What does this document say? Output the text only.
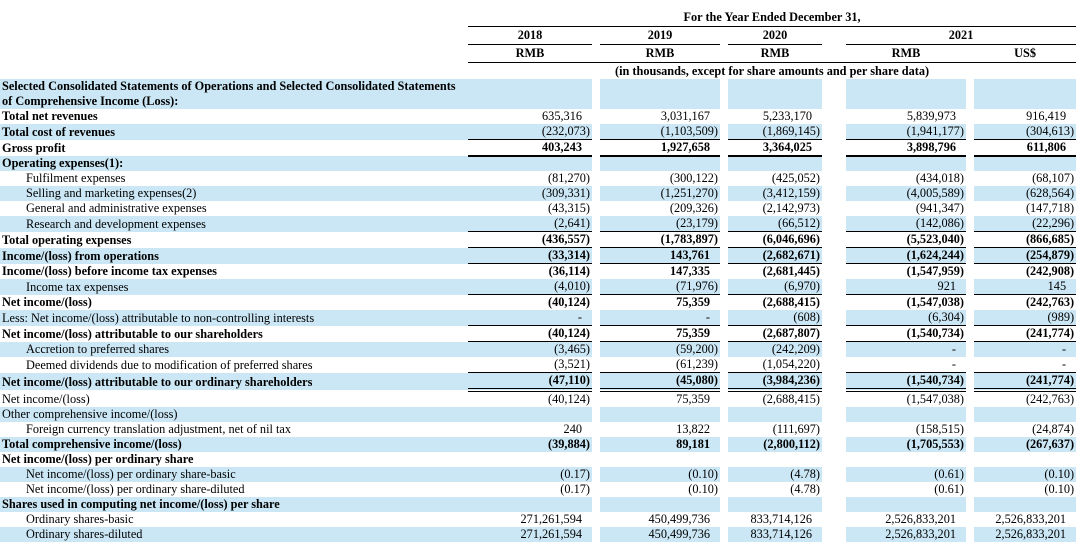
	For the Year Ended December 31,								
	2018		2019		2020		2021		
	RMB		RMB		RMB		RMB		US$
	(in thousands, except for share amounts and per share data)								
Selected Consolidated Statements of Operations and Selected Consolidated Statements of Comprehensive Income (Loss):									
Total net revenues	635,316		3,031,167		5,233,170		5,839,973		916,419
Total cost of revenues	(232,073)		(1,103,509)		(1,869,145)		(1,941,177)		(304,613)
Gross profit	403,243		1,927,658		3,364,025		3,898,796		611,806
Operating expenses(1):									
Fulfilment expenses	(81,270)		(300,122)		(425,052)		(434,018)		(68,107)
Selling and marketing expenses(2)	(309,331)		(1,251,270)		(3,412,159)		(4,005,589)		(628,564)
General and administrative expenses	(43,315)		(209,326)		(2,142,973)		(941,347)		(147,718)
Research and development expenses	(2,641)		(23,179)		(66,512)		(142,086)		(22,296)
Total operating expenses	(436,557)		(1,783,897)		(6,046,696)		(5,523,040)		(866,685)
Income/(loss) from operations	(33,314)		143,761		(2,682,671)		(1,624,244)		(254,879)
Income/(loss) before income tax expenses	(36,114)		147,335		(2,681,445)		(1,547,959)		(242,908)
Income tax expenses	(4,010)		(71,976)		(6,970)		921		145
Net income/(loss)	(40,124)		75,359		(2,688,415)		(1,547,038)		(242,763)
Less: Net income/(loss) attributable to non-controlling interests	-		-		(608)		(6,304)		(989)
Net income/(loss) attributable to our shareholders	(40,124)		75,359		(2,687,807)		(1,540,734)		(241,774)
Accretion to preferred shares	(3,465)		(59,200)		(242,209)		-		-
Deemed dividends due to modification of preferred shares	(3,521)		(61,239)		(1,054,220)		-		-
Net income/(loss) attributable to our ordinary shareholders	(47,110)		(45,080)		(3,984,236)		(1,540,734)		(241,774)
Net income/(loss)	(40,124)		75,359		(2,688,415)		(1,547,038)		(242,763)
Other comprehensive income/(loss)									
Foreign currency translation adjustment, net of nil tax	240		13,822		(111,697)		(158,515)		(24,874)
Total comprehensive income/(loss)	(39,884)		89,181		(2,800,112)		(1,705,553)		(267,637)
Net income/(loss) per ordinary share									
Net income/(loss) per ordinary share-basic	(0.17)		(0.10)		(4.78)		(0.61)		(0.10)
Net income/(loss) per ordinary share-diluted	(0.17)		(0.10)		(4.78)		(0.61)		(0.10)
Shares used in computing net income/(loss) per share									
Ordinary shares-basic	271,261,594		450,499,736		833,714,126		2,526,833,201		2,526,833,201
Ordinary shares-diluted	271,261,594		450,499,736		833,714,126		2,526,833,201		2,526,833,201
